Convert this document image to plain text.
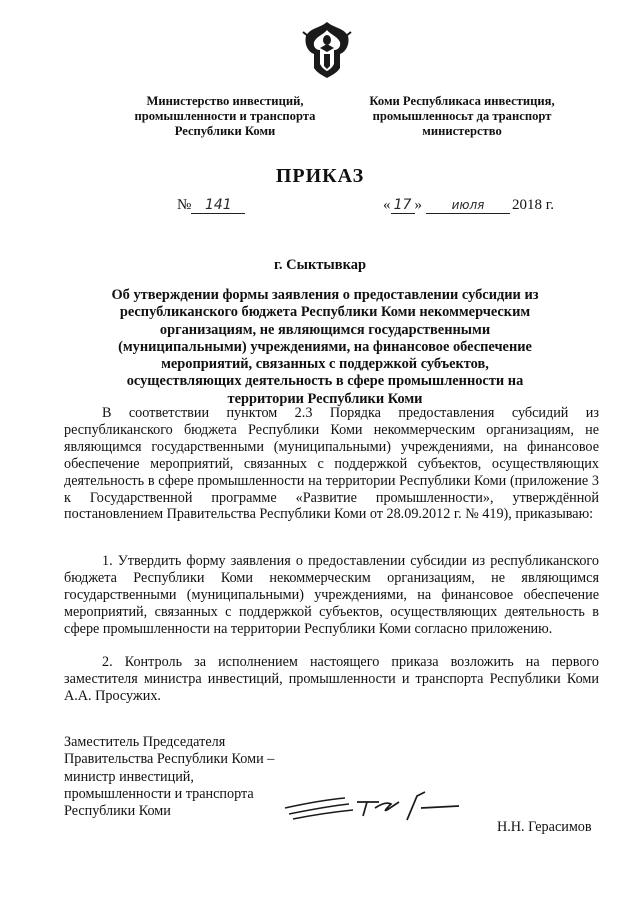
Министерство инвестиций,
промышленности и транспорта
Республики Коми
Коми Республикаса инвестиция,
промышленносьт да транспорт
министерство
ПРИКАЗ
№ 141	« 17 » июля 2018 г.
г. Сыктывкар
Об утверждении формы заявления о предоставлении субсидии из республиканского бюджета Республики Коми некоммерческим организациям, не являющимся государственными (муниципальными) учреждениями, на финансовое обеспечение мероприятий, связанных с поддержкой субъектов, осуществляющих деятельность в сфере промышленности на территории Республики Коми

В соответствии пунктом 2.3 Порядка предоставления субсидий из республиканского бюджета Республики Коми некоммерческим организациям, не являющимся государственными (муниципальными) учреждениями, на финансовое обеспечение мероприятий, связанных с поддержкой субъектов, осуществляющих деятельность в сфере промышленности на территории Республики Коми (приложение 3 к Государственной программе «Развитие промышленности», утверждённой постановлением Правительства Республики Коми от 28.09.2012 г. № 419), приказываю:

1. Утвердить форму заявления о предоставлении субсидии из республиканского бюджета Республики Коми некоммерческим организациям, не являющимся государственными (муниципальными) учреждениями, на финансовое обеспечение мероприятий, связанных с поддержкой субъектов, осуществляющих деятельность в сфере промышленности на территории Республики Коми согласно приложению.

2. Контроль за исполнением настоящего приказа возложить на первого заместителя министра инвестиций, промышленности и транспорта Республики Коми А.А. Просужих.

Заместитель Председателя
Правительства Республики Коми –
министр инвестиций,
промышленности и транспорта
Республики Коми
Н.Н. Герасимов
